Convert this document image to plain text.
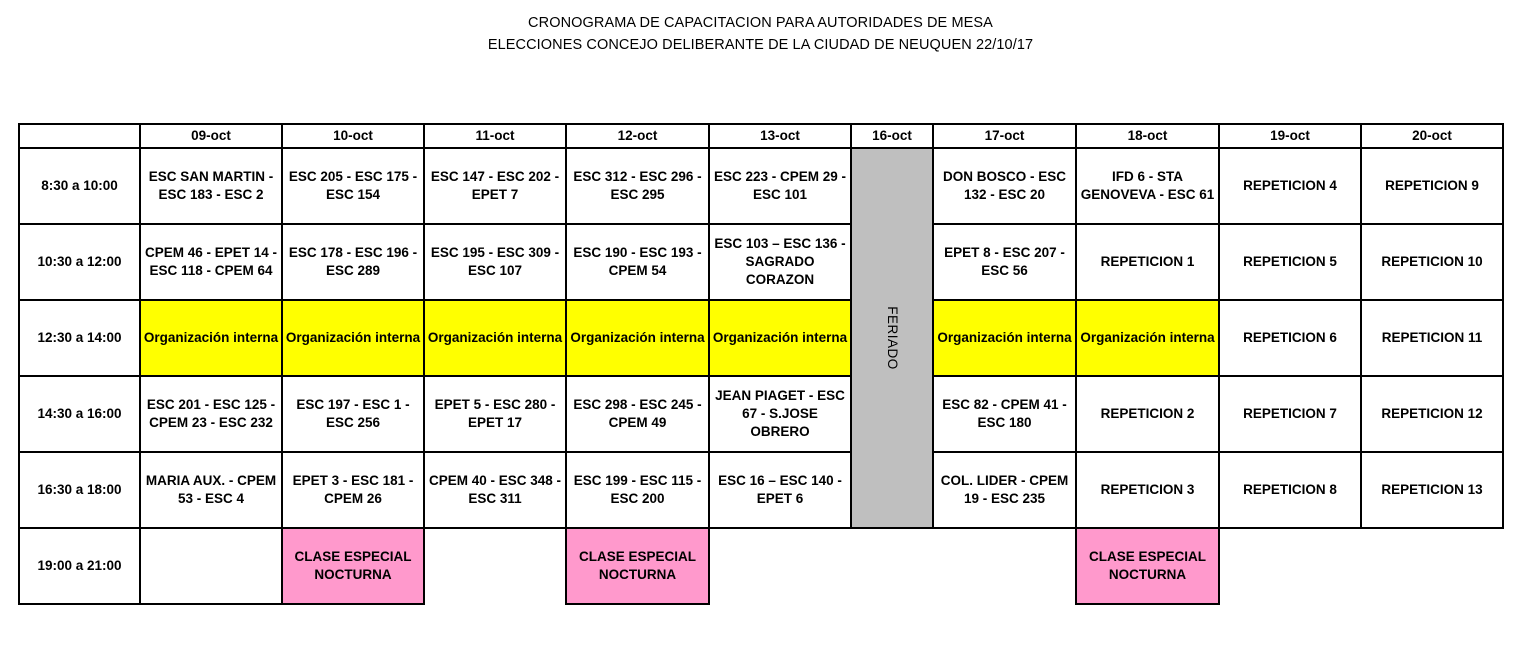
CRONOGRAMA DE CAPACITACION PARA AUTORIDADES DE MESA
ELECCIONES CONCEJO DELIBERANTE DE LA CIUDAD DE NEUQUEN 22/10/17
	09-oct	10-oct	11-oct	12-oct	13-oct	16-oct	17-oct	18-oct	19-oct	20-oct
8:30 a 10:00	ESC SAN MARTIN - ESC 183 - ESC 2	ESC 205 - ESC 175 - ESC 154	ESC 147 - ESC 202 - EPET 7	ESC 312 - ESC 296 - ESC 295	ESC 223 - CPEM 29 - ESC 101	FERIADO	DON BOSCO - ESC 132 - ESC 20	IFD 6 - STA GENOVEVA - ESC 61	REPETICION 4	REPETICION 9
10:30 a 12:00	CPEM 46 - EPET 14 - ESC 118 - CPEM 64	ESC 178 - ESC 196 - ESC 289	ESC 195 - ESC 309 - ESC 107	ESC 190 - ESC 193 - CPEM 54	ESC 103 – ESC 136 - SAGRADO CORAZON		EPET 8 - ESC 207 - ESC 56	REPETICION 1	REPETICION 5	REPETICION 10
12:30 a 14:00	Organización interna	Organización interna	Organización interna	Organización interna	Organización interna		Organización interna	Organización interna	REPETICION 6	REPETICION 11
14:30 a 16:00	ESC 201 - ESC 125 - CPEM 23 - ESC 232	ESC 197 - ESC 1 - ESC 256	EPET 5 - ESC 280 - EPET 17	ESC 298 - ESC 245 - CPEM 49	JEAN PIAGET - ESC 67 - S.JOSE OBRERO		ESC 82 - CPEM 41 - ESC 180	REPETICION 2	REPETICION 7	REPETICION 12
16:30 a 18:00	MARIA AUX. - CPEM 53 - ESC 4	EPET 3 - ESC 181 - CPEM 26	CPEM 40 - ESC 348 - ESC 311	ESC 199 - ESC 115 - ESC 200	ESC 16 – ESC 140 - EPET 6		COL. LIDER - CPEM 19 - ESC 235	REPETICION 3	REPETICION 8	REPETICION 13
19:00 a 21:00		CLASE ESPECIAL NOCTURNA		CLASE ESPECIAL NOCTURNA				CLASE ESPECIAL NOCTURNA		
